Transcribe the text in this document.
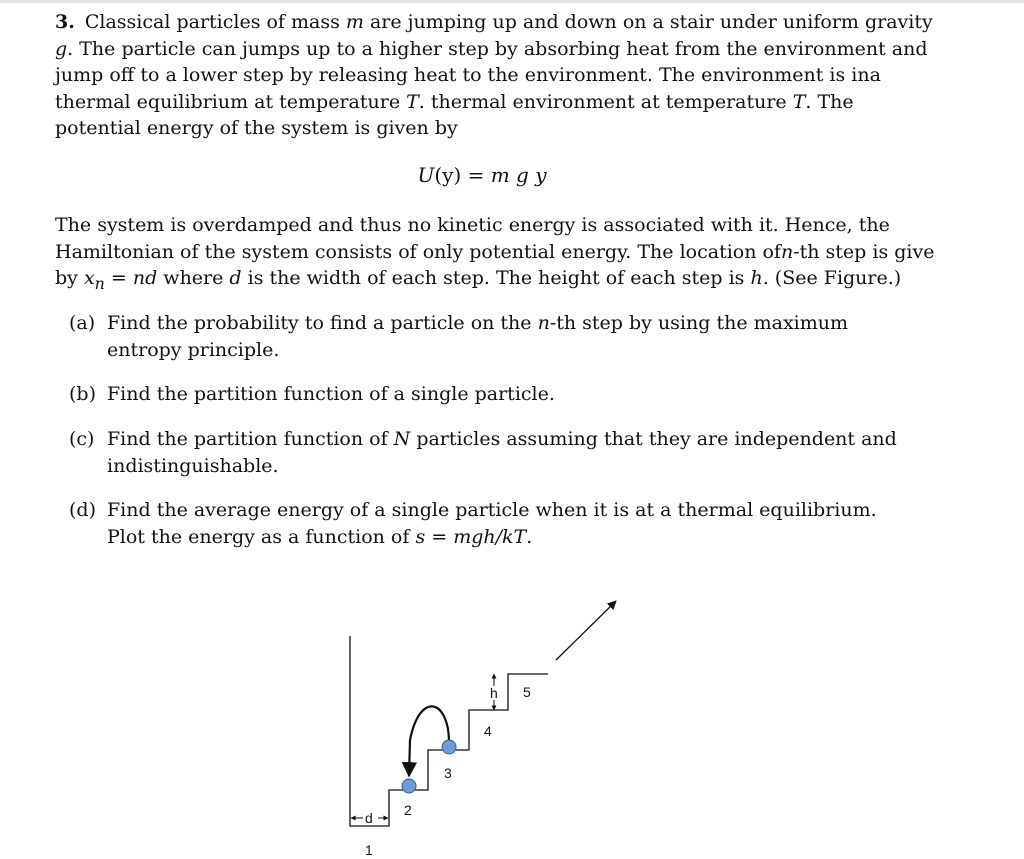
3. Classical particles of mass m are jumping up and down on a stair under uniform gravity g. The particle can jumps up to a higher step by absorbing heat from the environment and jump off to a lower step by releasing heat to the environment. The environment is ina thermal equilibrium at temperature T. thermal environment at temperature T. The potential energy of the system is given by

U(y) = m g y

The system is overdamped and thus no kinetic energy is associated with it. Hence, the Hamiltonian of the system consists of only potential energy. The location ofn-th step is give by $x_n$ = nd where d is the width of each step. The height of each step is h. (See Figure.)

(a) Find the probability to find a particle on the n-th step by using the maximum entropy principle.
(b) Find the partition function of a single particle.
(c) Find the partition function of N particles assuming that they are independent and indistinguishable.
(d) Find the average energy of a single particle when it is at a thermal equilibrium. Plot the energy as a function of s = mgh/kT.
d
h
1
2
3
4
5
